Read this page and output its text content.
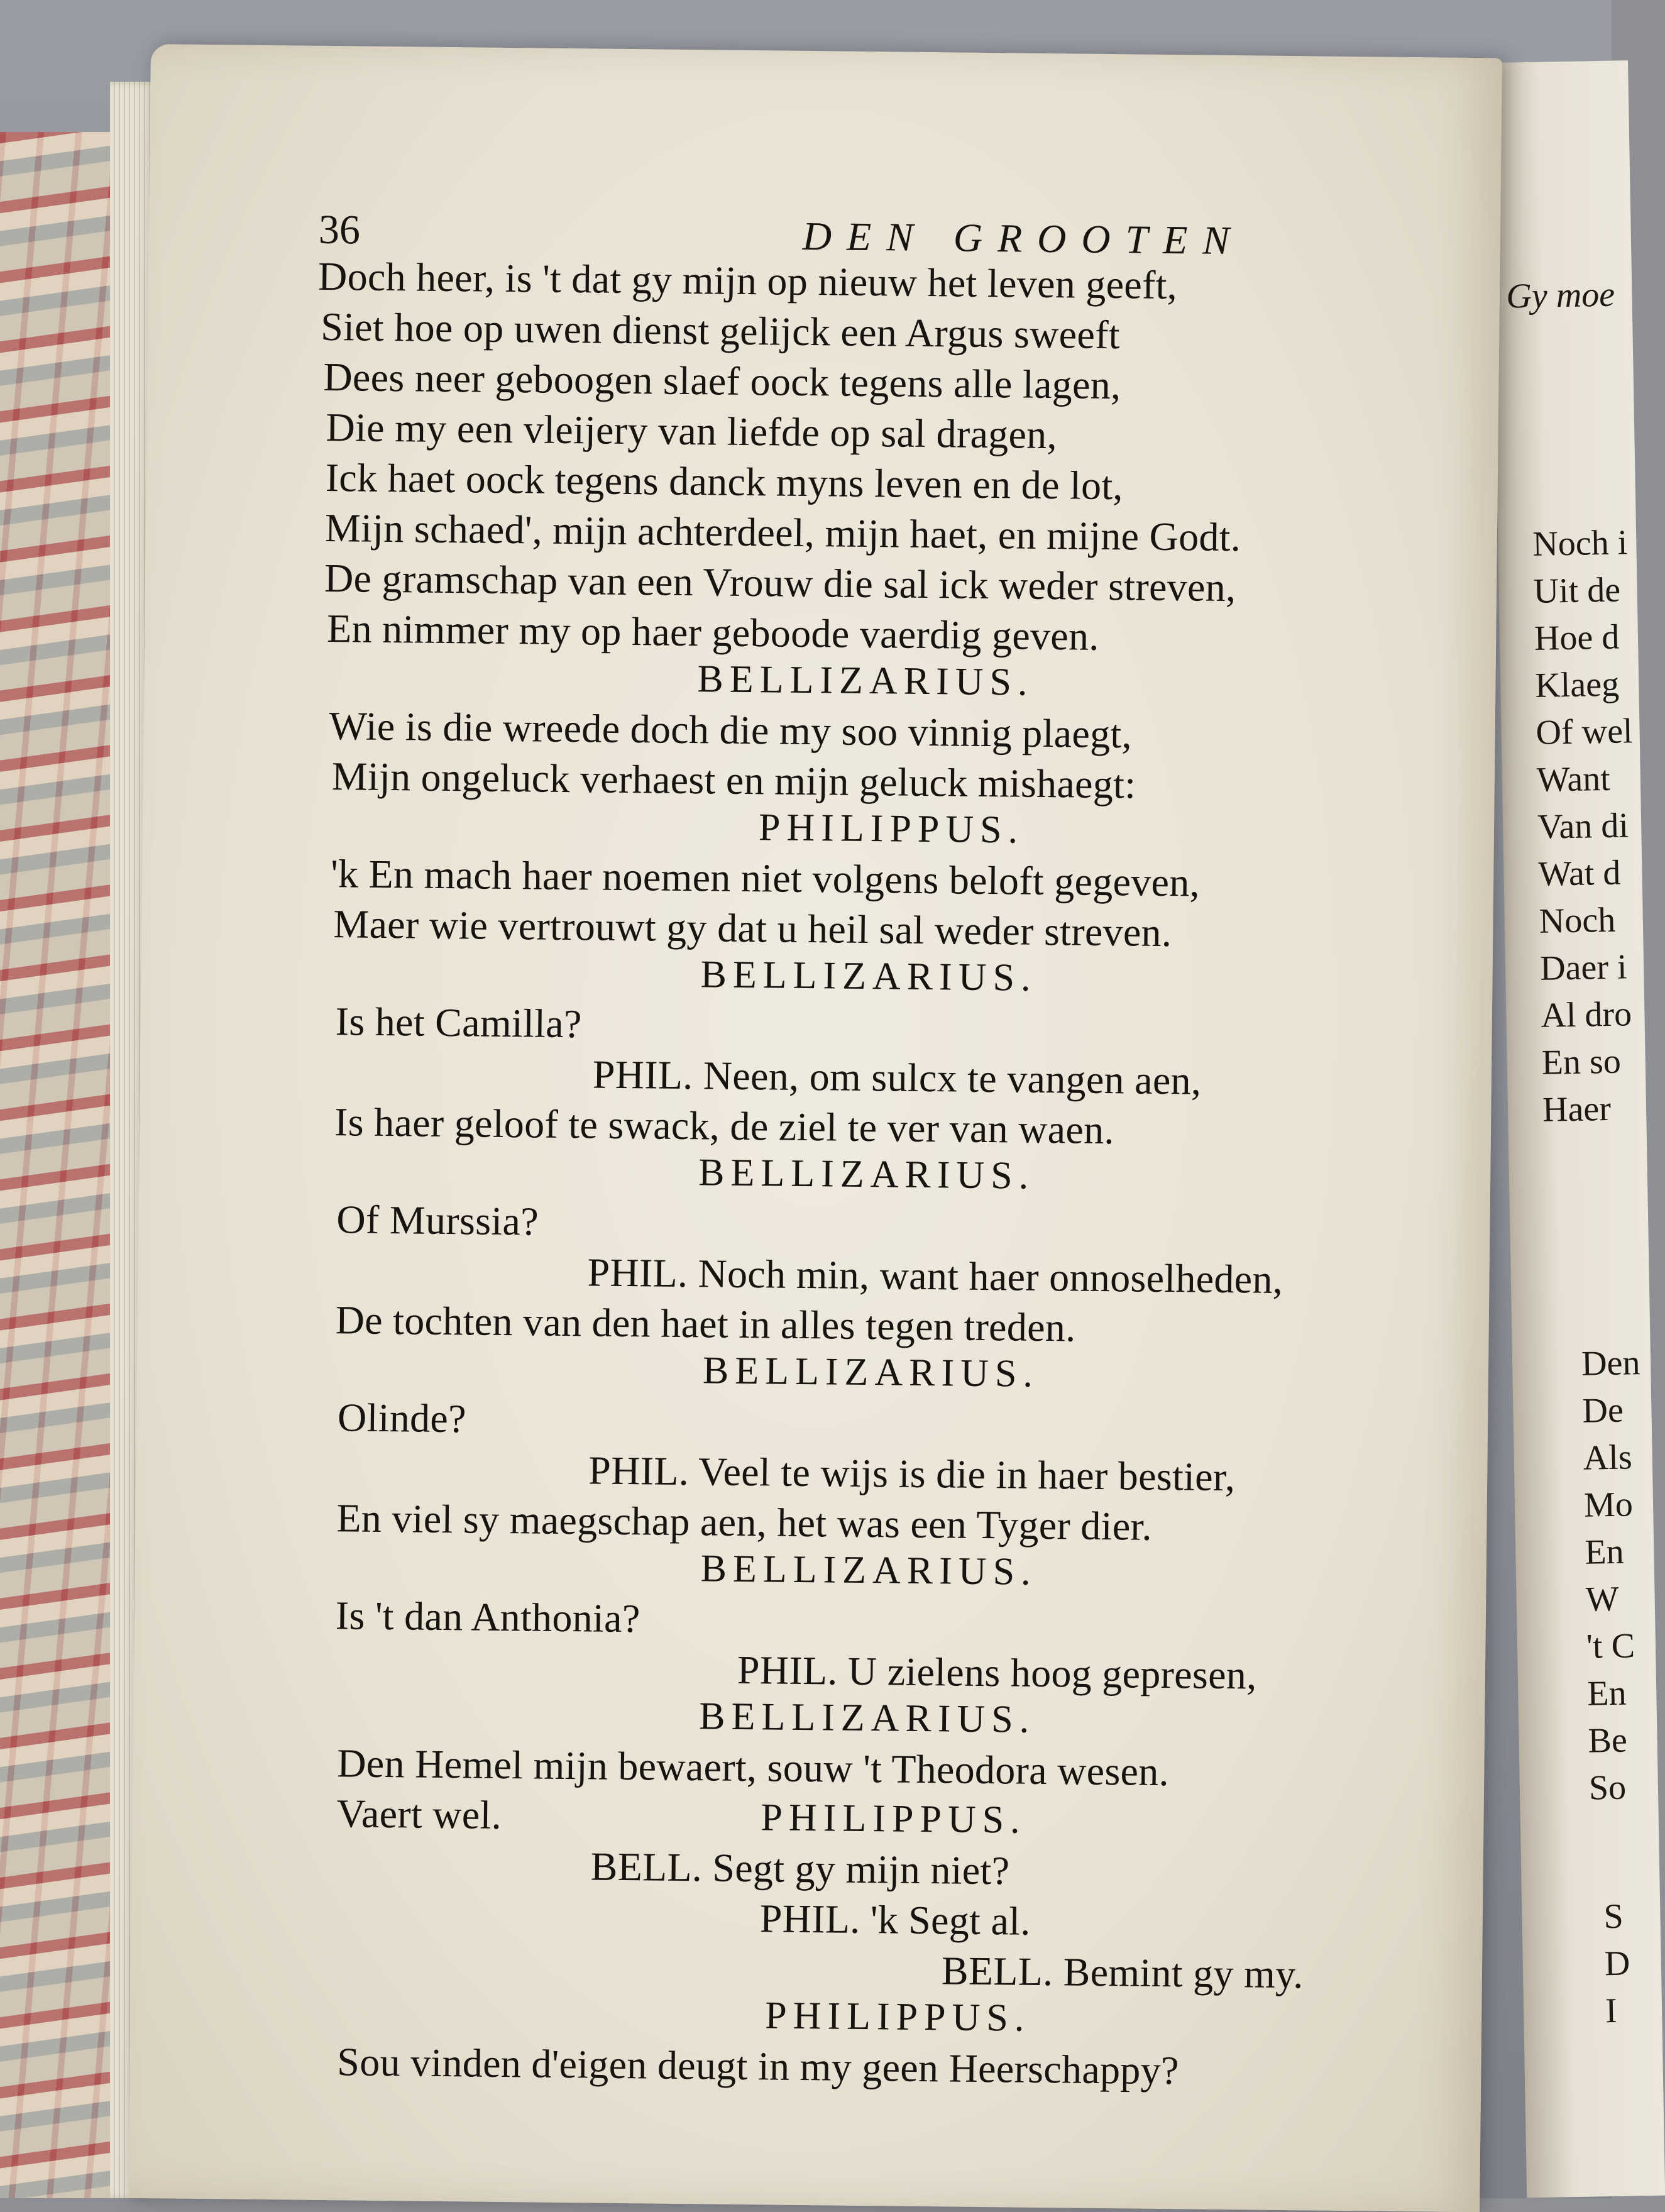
Gy moe
Noch i
Uit de
Hoe d
Klaeg
Of wel
Want
Van di
Wat d
Noch
Daer i
Al dro
En so
Haer
Den
De
Als
Mo
En
W
't C
En
Be
So
S
D
I
36	DEN GROOTEN
Doch heer, is 't dat gy mijn op nieuw het leven geeft,
Siet hoe op uwen dienst gelijck een Argus sweeft
Dees neer geboogen slaef oock tegens alle lagen,
Die my een vleijery van liefde op sal dragen,
Ick haet oock tegens danck myns leven en de lot,
Mijn schaed', mijn achterdeel, mijn haet, en mijne Godt.
De gramschap van een Vrouw die sal ick weder streven,
En nimmer my op haer geboode vaerdig geven.
BELLIZARIUS.
Wie is die wreede doch die my soo vinnig plaegt,
Mijn ongeluck verhaest en mijn geluck mishaegt:
PHILIPPUS.
'k En mach haer noemen niet volgens beloft gegeven,
Maer wie vertrouwt gy dat u heil sal weder streven.
BELLIZARIUS.
Is het Camilla?
PHIL. Neen, om sulcx te vangen aen,
Is haer geloof te swack, de ziel te ver van waen.
BELLIZARIUS.
Of Murssia?
PHIL. Noch min, want haer onnoselheden,
De tochten van den haet in alles tegen treden.
BELLIZARIUS.
Olinde?
PHIL. Veel te wijs is die in haer bestier,
En viel sy maegschap aen, het was een Tyger dier.
BELLIZARIUS.
Is 't dan Anthonia?
PHIL. U zielens hoog gepresen,
BELLIZARIUS.
Den Hemel mijn bewaert, souw 't Theodora wesen.
Vaert wel.	PHILIPPUS.
BELL. Segt gy mijn niet?
PHIL. 'k Segt al.
BELL. Bemint gy my.
PHILIPPUS.
Sou vinden d'eigen deugt in my geen Heerschappy?
